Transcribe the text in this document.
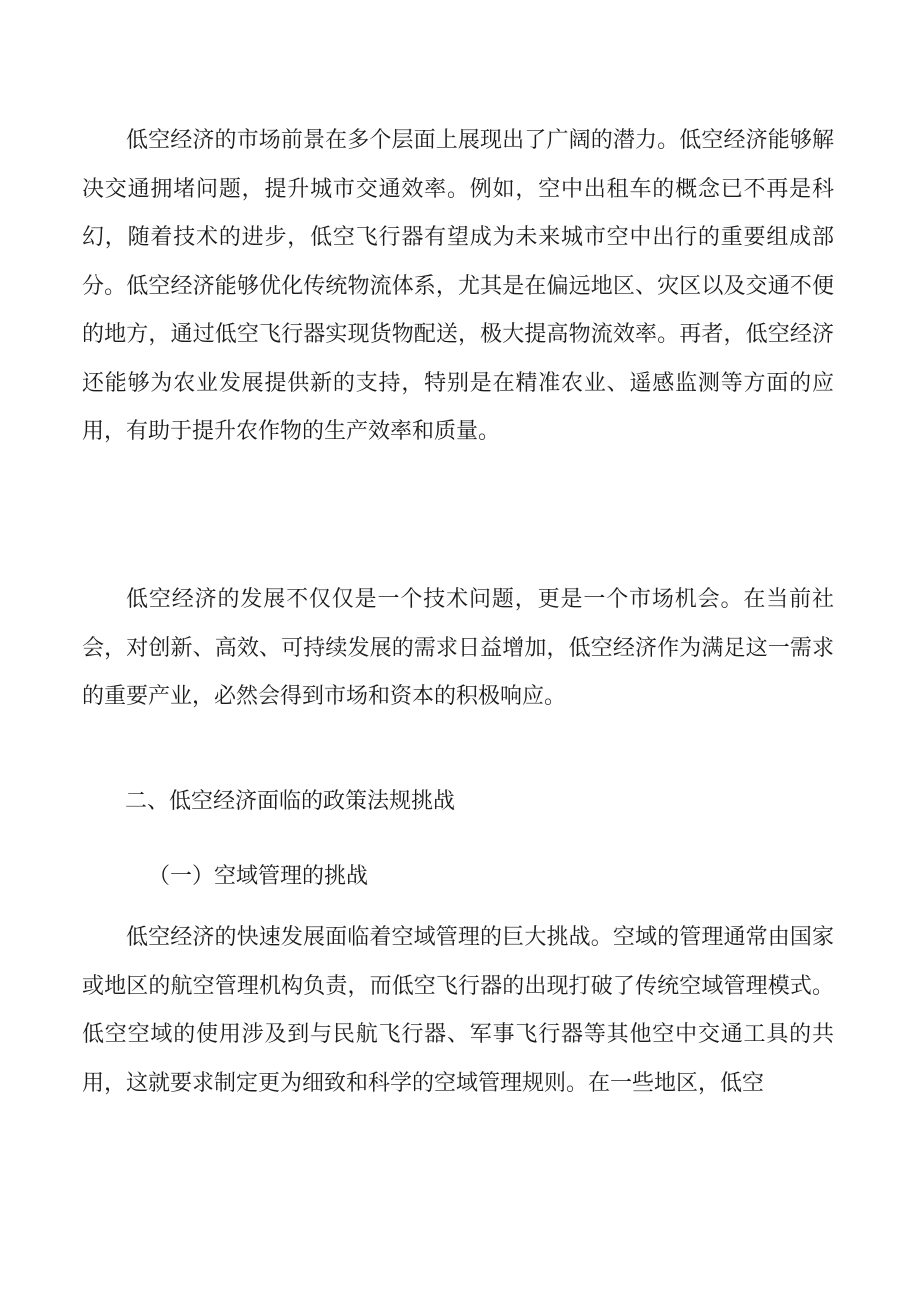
低空经济的市场前景在多个层面上展现出了广阔的潜力。低空经济能够解决交通拥堵问题，提升城市交通效率。例如，空中出租车的概念已不再是科幻，随着技术的进步，低空飞行器有望成为未来城市空中出行的重要组成部分。低空经济能够优化传统物流体系，尤其是在偏远地区、灾区以及交通不便的地方，通过低空飞行器实现货物配送，极大提高物流效率。再者，低空经济还能够为农业发展提供新的支持，特别是在精准农业、遥感监测等方面的应用，有助于提升农作物的生产效率和质量。

低空经济的发展不仅仅是一个技术问题，更是一个市场机会。在当前社会，对创新、高效、可持续发展的需求日益增加，低空经济作为满足这一需求的重要产业，必然会得到市场和资本的积极响应。

二、低空经济面临的政策法规挑战

（一）空域管理的挑战

低空经济的快速发展面临着空域管理的巨大挑战。空域的管理通常由国家或地区的航空管理机构负责，而低空飞行器的出现打破了传统空域管理模式。低空空域的使用涉及到与民航飞行器、军事飞行器等其他空中交通工具的共用，这就要求制定更为细致和科学的空域管理规则。在一些地区，低空
